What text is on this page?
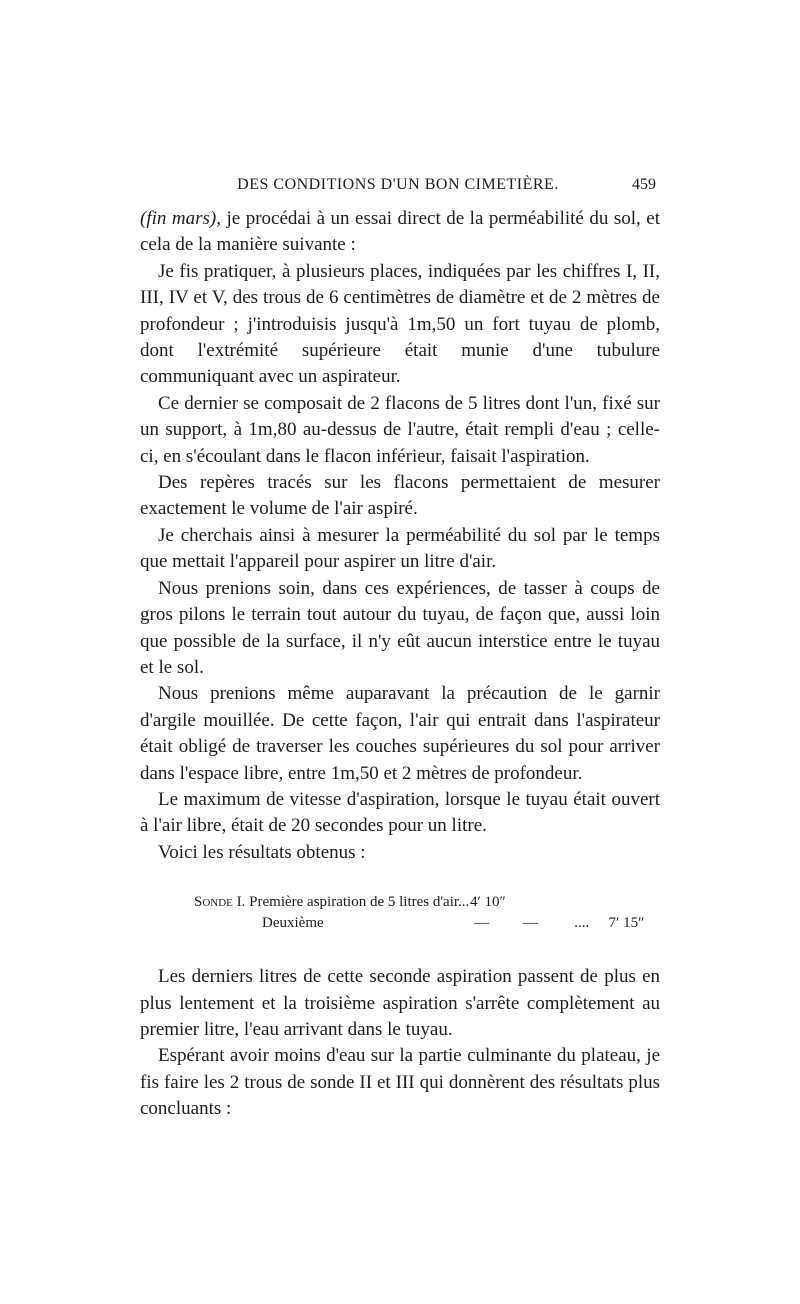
DES CONDITIONS D'UN BON CIMETIÈRE.	459

(fin mars), je procédai à un essai direct de la perméabilité du sol, et cela de la manière suivante :

Je fis pratiquer, à plusieurs places, indiquées par les chiffres I, II, III, IV et V, des trous de 6 centimètres de diamètre et de 2 mètres de profondeur ; j'introduisis jusqu'à 1m,50 un fort tuyau de plomb, dont l'extrémité supérieure était munie d'une tubulure communiquant avec un aspirateur.

Ce dernier se composait de 2 flacons de 5 litres dont l'un, fixé sur un support, à 1m,80 au-dessus de l'autre, était rempli d'eau ; celle-ci, en s'écoulant dans le flacon inférieur, faisait l'aspiration.

Des repères tracés sur les flacons permettaient de mesurer exactement le volume de l'air aspiré.

Je cherchais ainsi à mesurer la perméabilité du sol par le temps que mettait l'appareil pour aspirer un litre d'air.

Nous prenions soin, dans ces expériences, de tasser à coups de gros pilons le terrain tout autour du tuyau, de façon que, aussi loin que possible de la surface, il n'y eût aucun interstice entre le tuyau et le sol.

Nous prenions même auparavant la précaution de le garnir d'argile mouillée. De cette façon, l'air qui entrait dans l'aspirateur était obligé de traverser les couches supérieures du sol pour arriver dans l'espace libre, entre 1m,50 et 2 mètres de profondeur.

Le maximum de vitesse d'aspiration, lorsque le tuyau était ouvert à l'air libre, était de 20 secondes pour un litre.

Voici les résultats obtenus :

Sonde I. Première aspiration de 5 litres d'air... 4′ 10″
Deuxième	—	—	....	7′ 15″

Les derniers litres de cette seconde aspiration passent de plus en plus lentement et la troisième aspiration s'arrête complètement au premier litre, l'eau arrivant dans le tuyau.

Espérant avoir moins d'eau sur la partie culminante du plateau, je fis faire les 2 trous de sonde II et III qui donnèrent des résultats plus concluants :
